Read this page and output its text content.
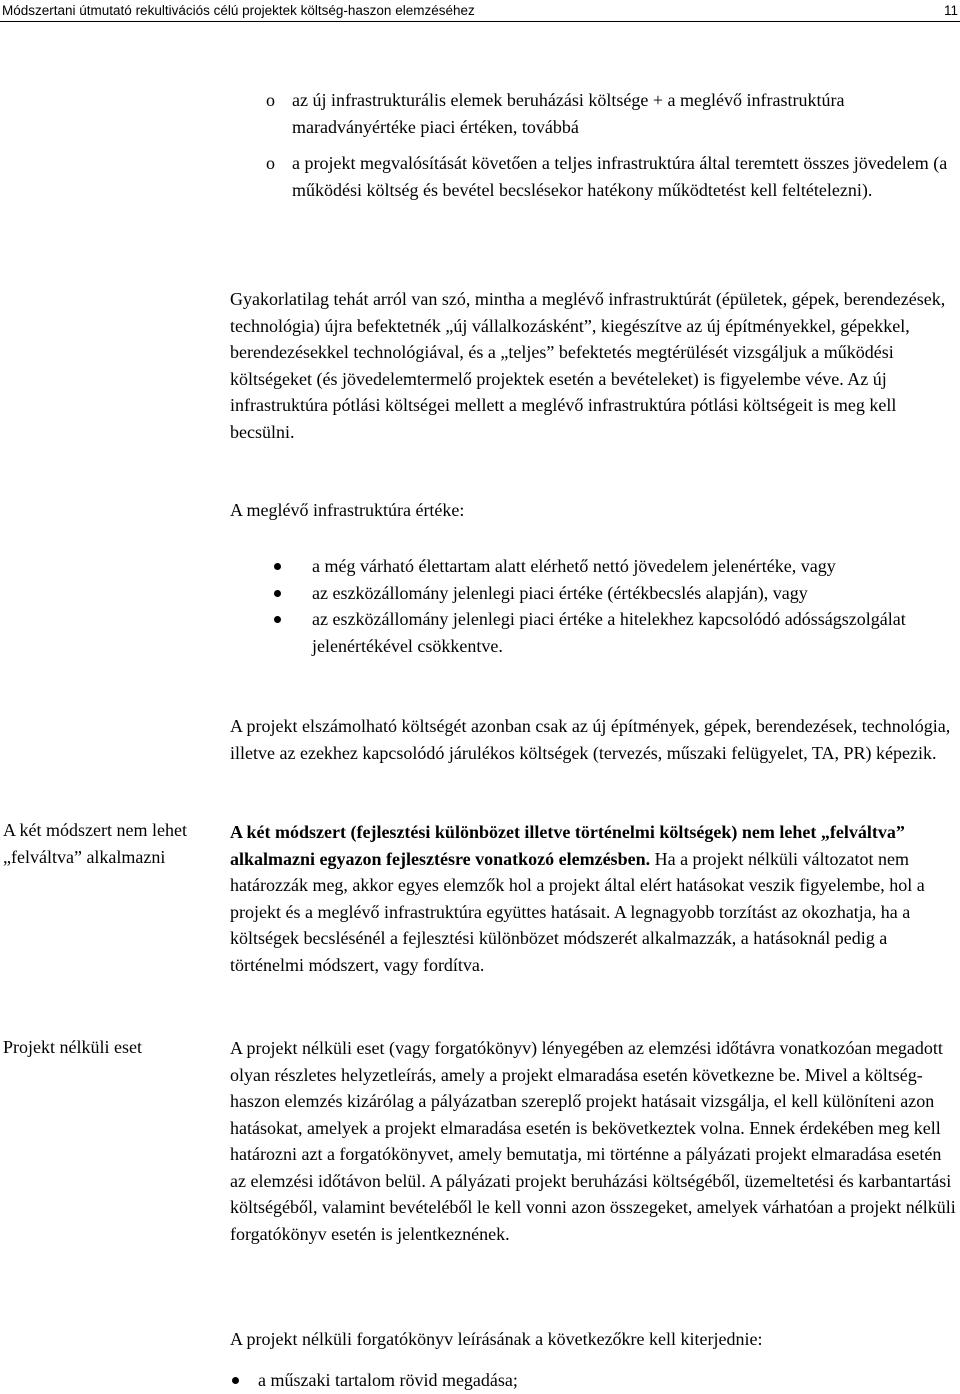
Módszertani útmutató rekultivációs célú projektek költség-haszon elemzéséhez	11
o az új infrastrukturális elemek beruházási költsége + a meglévő infrastruktúra maradványértéke piaci értéken, továbbá
o a projekt megvalósítását követően a teljes infrastruktúra által teremtett összes jövedelem (a működési költség és bevétel becslésekor hatékony működtetést kell feltételezni).

Gyakorlatilag tehát arról van szó, mintha a meglévő infrastruktúrát (épületek, gépek, berendezések, technológia) újra befektetnék „új vállalkozásként”, kiegészítve az új építményekkel, gépekkel, berendezésekkel technológiával, és a „teljes” befektetés megtérülését vizsgáljuk a működési költségeket (és jövedelemtermelő projektek esetén a bevételeket) is figyelembe véve. Az új infrastruktúra pótlási költségei mellett a meglévő infrastruktúra pótlási költségeit is meg kell becsülni.

A meglévő infrastruktúra értéke:

a még várható élettartam alatt elérhető nettó jövedelem jelenértéke, vagy
az eszközállomány jelenlegi piaci értéke (értékbecslés alapján), vagy
az eszközállomány jelenlegi piaci értéke a hitelekhez kapcsolódó adósságszolgálat jelenértékével csökkentve.

A projekt elszámolható költségét azonban csak az új építmények, gépek, berendezések, technológia, illetve az ezekhez kapcsolódó járulékos költségek (tervezés, műszaki felügyelet, TA, PR) képezik.

A két módszert nem lehet „felváltva” alkalmazni

A két módszert (fejlesztési különbözet illetve történelmi költségek) nem lehet „felváltva” alkalmazni egyazon fejlesztésre vonatkozó elemzésben. Ha a projekt nélküli változatot nem határozzák meg, akkor egyes elemzők hol a projekt által elért hatásokat veszik figyelembe, hol a projekt és a meglévő infrastruktúra együttes hatásait. A legnagyobb torzítást az okozhatja, ha a költségek becslésénél a fejlesztési különbözet módszerét alkalmazzák, a hatásoknál pedig a történelmi módszert, vagy fordítva.

Projekt nélküli eset	A projekt nélküli eset (vagy forgatókönyv) lényegében az elemzési időtávra vonatkozóan megadott olyan részletes helyzetleírás, amely a projekt elmaradása esetén következne be. Mivel a költség-haszon elemzés kizárólag a pályázatban szereplő projekt hatásait vizsgálja, el kell különíteni azon hatásokat, amelyek a projekt elmaradása esetén is bekövetkeztek volna. Ennek érdekében meg kell határozni azt a forgatókönyvet, amely bemutatja, mi történne a pályázati projekt elmaradása esetén az elemzési időtávon belül. A pályázati projekt beruházási költségéből, üzemeltetési és karbantartási költségéből, valamint bevételéből le kell vonni azon összegeket, amelyek várhatóan a projekt nélküli forgatókönyv esetén is jelentkeznének.

A projekt nélküli forgatókönyv leírásának a következőkre kell kiterjednie:

a műszaki tartalom rövid megadása;
